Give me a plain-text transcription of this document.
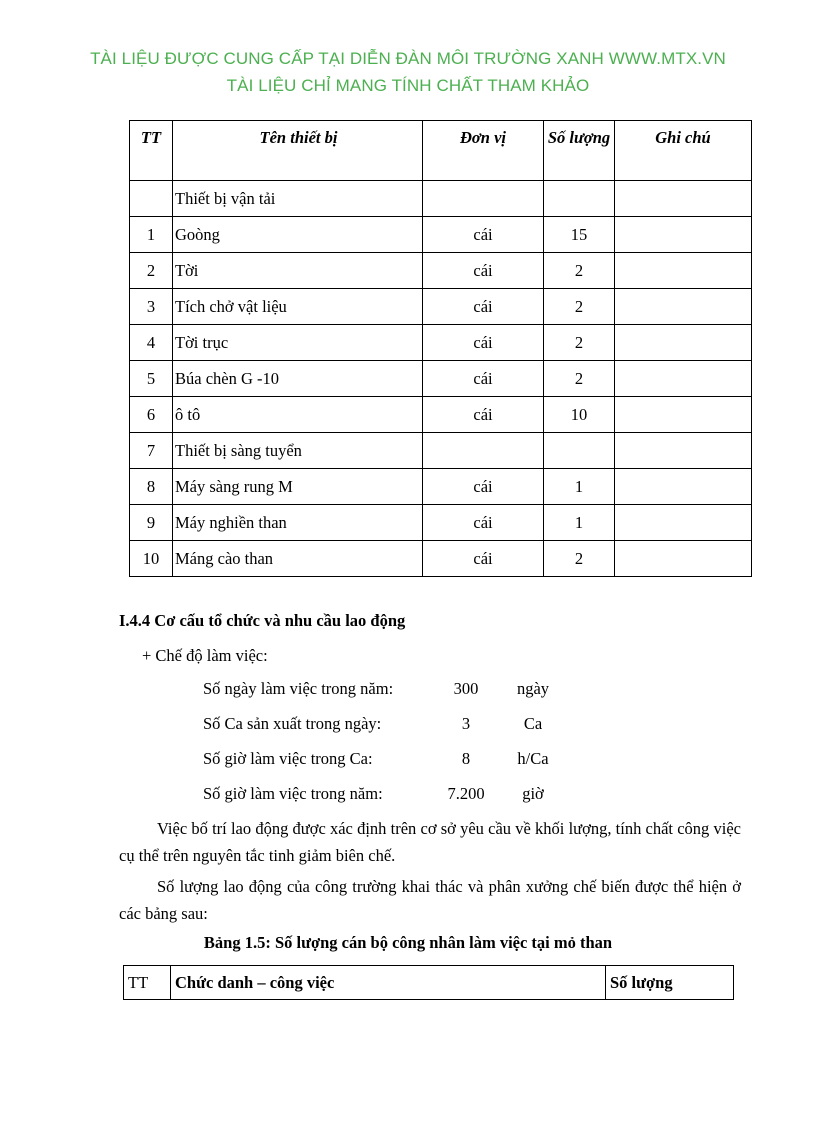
TÀI LIỆU ĐƯỢC CUNG CẤP TẠI DIỄN ĐÀN MÔI TRƯỜNG XANH WWW.MTX.VN
TÀI LIỆU CHỈ MANG TÍNH CHẤT THAM KHẢO
TT	Tên thiết bị	Đơn vị	Số lượng	Ghi chú
	Thiết bị vận tải			
1	Goòng	cái	15	
2	Tời	cái	2	
3	Tích chở vật liệu	cái	2	
4	Tời trục	cái	2	
5	Búa chèn G -10	cái	2	
6	ô tô	cái	10	
7	Thiết bị sàng tuyển			
8	Máy sàng rung M	cái	1	
9	Máy nghiền than	cái	1	
10	Máng cào than	cái	2	
I.4.4 Cơ cấu tổ chức và nhu cầu lao động
+ Chế độ làm việc:
Số ngày làm việc trong năm:	300	ngày
Số Ca sản xuất trong ngày:	3	Ca
Số giờ làm việc trong Ca:	8	h/Ca
Số giờ làm việc trong năm:	7.200	giờ

Việc bố trí lao động được xác định trên cơ sở yêu cầu về khối lượng, tính chất công việc cụ thể trên nguyên tắc tinh giảm biên chế.

Số lượng lao động của công trường khai thác và phân xưởng chế biến được thể hiện ở các bảng sau:

Bảng 1.5: Số lượng cán bộ công nhân làm việc tại mỏ than
TT	Chức danh – công việc	Số lượng
